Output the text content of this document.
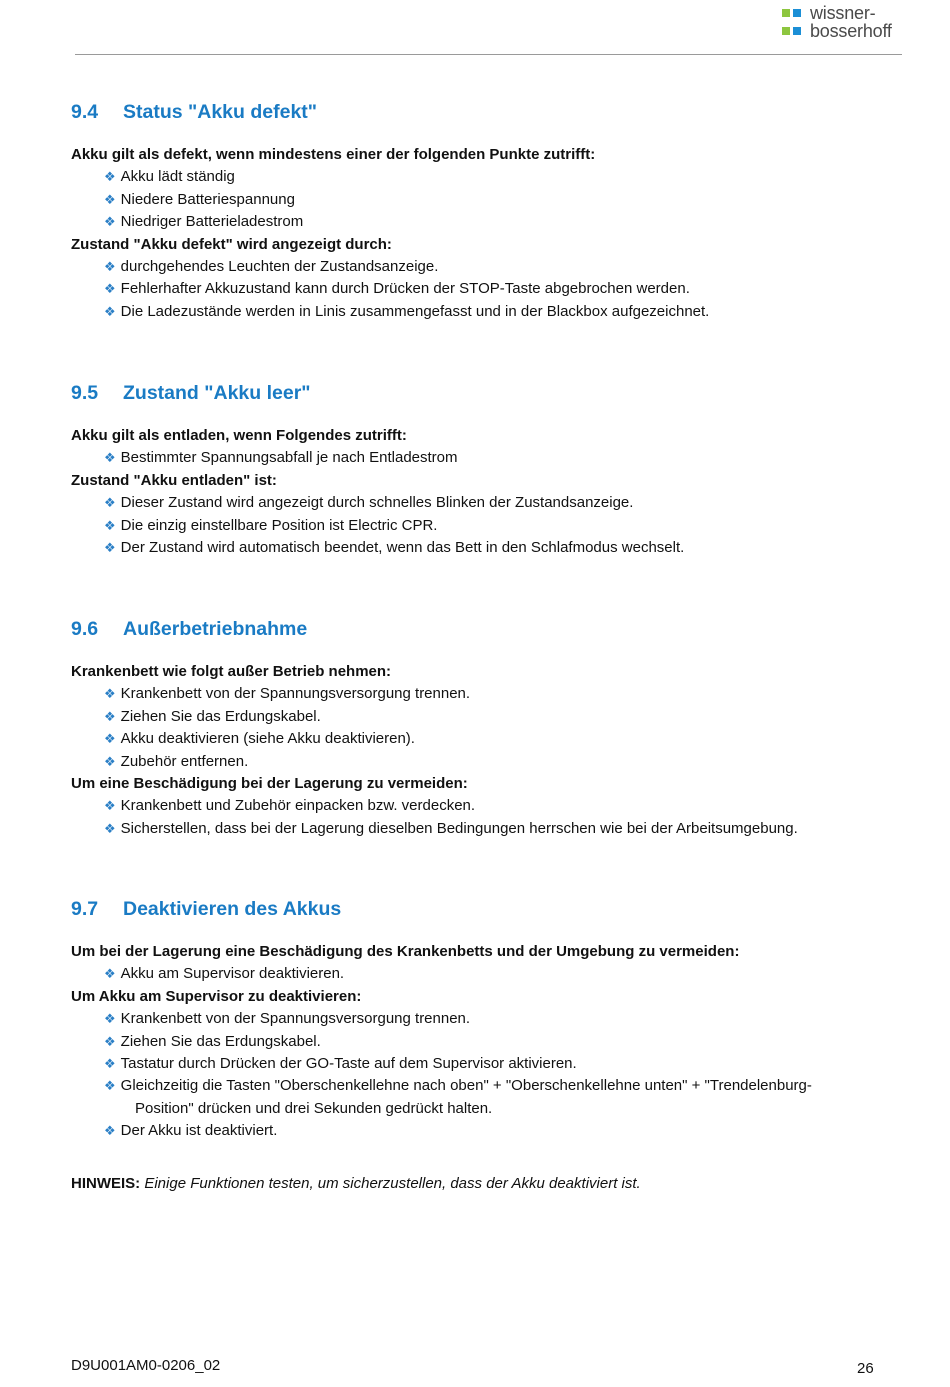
wissner-
bosserhoff
9.4	Status "Akku defekt"
Akku gilt als defekt, wenn mindestens einer der folgenden Punkte zutrifft:
❖ Akku lädt ständig
❖ Niedere Batteriespannung
❖ Niedriger Batterieladestrom
Zustand "Akku defekt" wird angezeigt durch:
❖ durchgehendes Leuchten der Zustandsanzeige.
❖ Fehlerhafter Akkuzustand kann durch Drücken der STOP-Taste abgebrochen werden.
❖ Die Ladezustände werden in Linis zusammengefasst und in der Blackbox aufgezeichnet.
9.5	Zustand "Akku leer"
Akku gilt als entladen, wenn Folgendes zutrifft:
❖ Bestimmter Spannungsabfall je nach Entladestrom
Zustand "Akku entladen" ist:
❖ Dieser Zustand wird angezeigt durch schnelles Blinken der Zustandsanzeige.
❖ Die einzig einstellbare Position ist Electric CPR.
❖ Der Zustand wird automatisch beendet, wenn das Bett in den Schlafmodus wechselt.
9.6	Außerbetriebnahme
Krankenbett wie folgt außer Betrieb nehmen:
❖ Krankenbett von der Spannungsversorgung trennen.
❖ Ziehen Sie das Erdungskabel.
❖ Akku deaktivieren (siehe Akku deaktivieren).
❖ Zubehör entfernen.
Um eine Beschädigung bei der Lagerung zu vermeiden:
❖ Krankenbett und Zubehör einpacken bzw. verdecken.
❖ Sicherstellen, dass bei der Lagerung dieselben Bedingungen herrschen wie bei der Arbeitsumgebung.
9.7	Deaktivieren des Akkus
Um bei der Lagerung eine Beschädigung des Krankenbetts und der Umgebung zu vermeiden:
❖ Akku am Supervisor deaktivieren.
Um Akku am Supervisor zu deaktivieren:
❖ Krankenbett von der Spannungsversorgung trennen.
❖ Ziehen Sie das Erdungskabel.
❖ Tastatur durch Drücken der GO-Taste auf dem Supervisor aktivieren.
❖ Gleichzeitig die Tasten "Oberschenkellehne nach oben" + "Oberschenkellehne unten" + "Trendelenburg-
Position" drücken und drei Sekunden gedrückt halten.
❖ Der Akku ist deaktiviert.
HINWEIS: Einige Funktionen testen, um sicherzustellen, dass der Akku deaktiviert ist.
D9U001AM0-0206_02	26
